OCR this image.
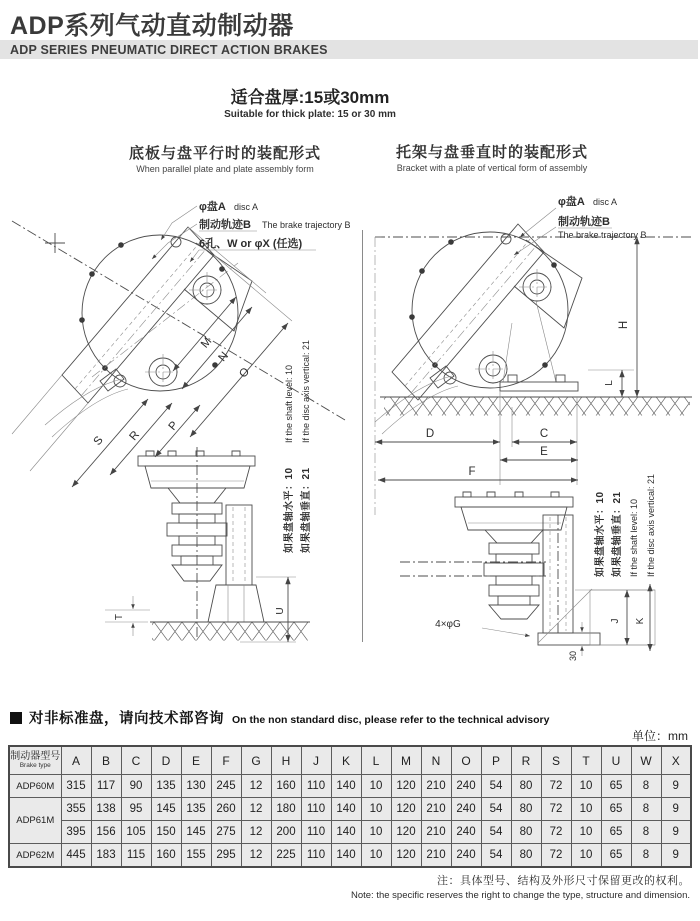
ADP系列气动直动制动器
ADP SERIES PNEUMATIC DIRECT ACTION BRAKES
适合盘厚:15或30mm
Suitable for thick plate: 15 or 30 mm
底板与盘平行时的装配形式
When parallel plate and plate assembly form
托架与盘垂直时的装配形式
Bracket with a plate of vertical form of assembly
φ盘A disc A
制动轨迹B The brake trajectory B
6孔、W or φX (任选)
M
N
O
P
R
S
T
U
如果盘轴水平：10
If the shaft level: 10
如果盘轴垂直：21
If the disc axis vertical: 21
φ盘A disc A
制动轨迹B
The brake trajectory B
H
L
D	C
E
F
4×φG	J K
30
如果盘轴水平：10 如果盘轴垂直：21 If the shaft level: 10 If the disc axis vertical: 21
对非标准盘，请向技术部咨询 On the non standard disc, please refer to the technical advisory
单位：mm
制动器型号
Brake type	A	B	C	D	E	F	G	H	J	K	L	M	N	O	P	R	S	T	U	W	X
ADP60M	315	117	90	135	130	245	12	160	110	140	10	120	210	240	54	80	72	10	65	8	9
ADP61M	355	138	95	145	135	260	12	180	110	140	10	120	210	240	54	80	72	10	65	8	9
	395	156	105	150	145	275	12	200	110	140	10	120	210	240	54	80	72	10	65	8	9
ADP62M	445	183	115	160	155	295	12	225	110	140	10	120	210	240	54	80	72	10	65	8	9
注：具体型号、结构及外形尺寸保留更改的权利。
Note: the specific reserves the right to change the type, structure and dimension.
